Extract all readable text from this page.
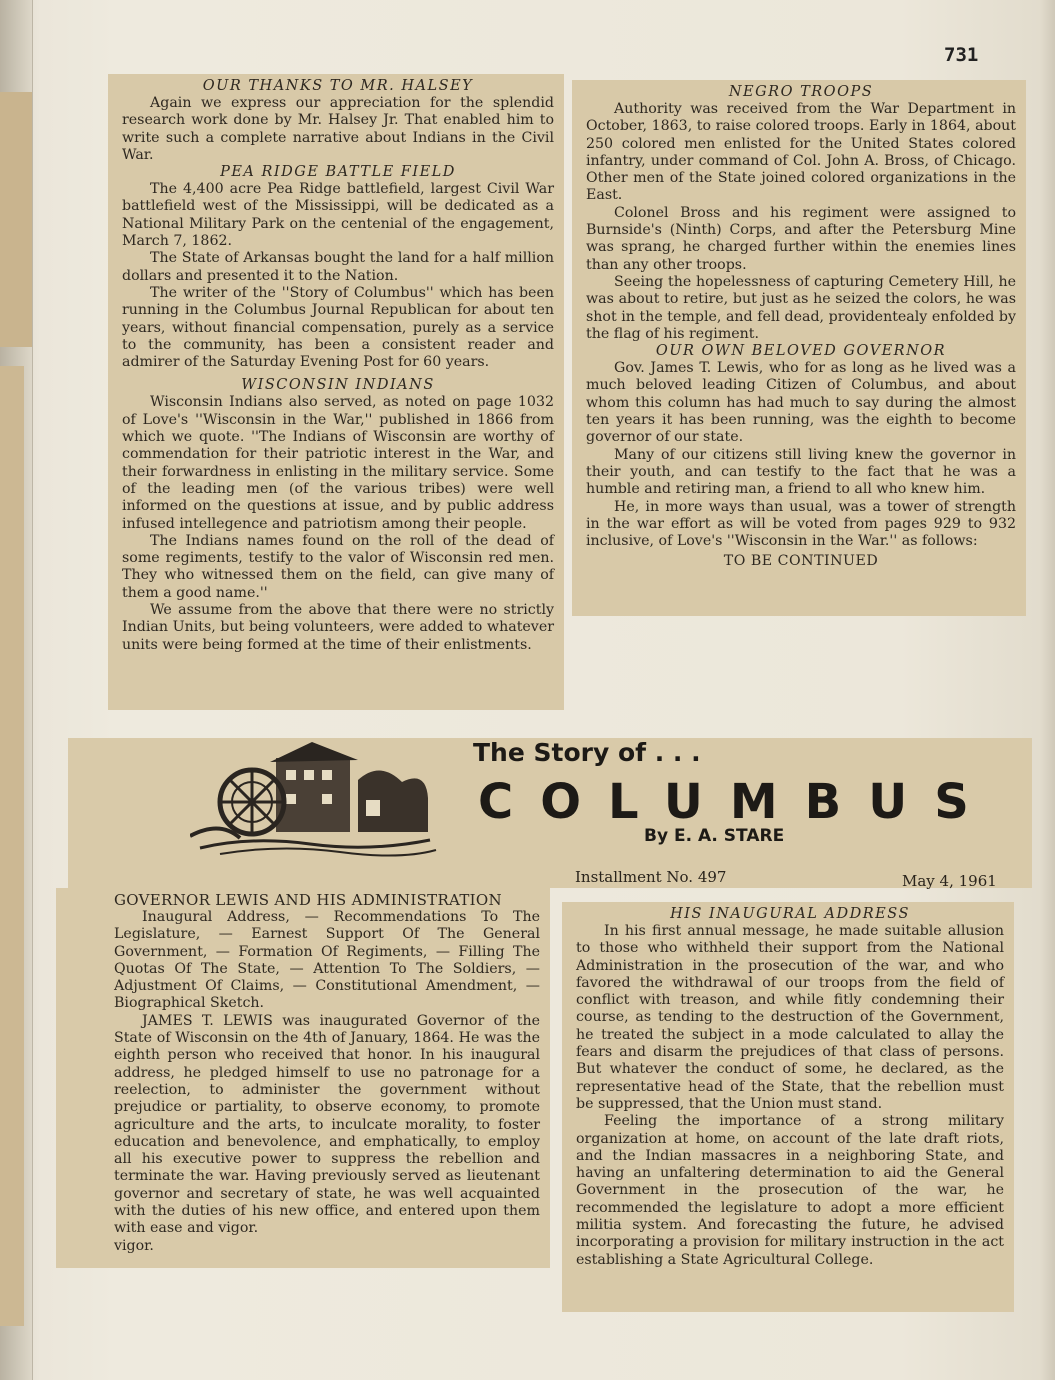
731
OUR THANKS TO MR. HALSEY

Again we express our appreciation for the splendid research work done by Mr. Halsey Jr. That enabled him to write such a complete narrative about Indians in the Civil War.

PEA RIDGE BATTLE FIELD

The 4,400 acre Pea Ridge battlefield, largest Civil War battlefield west of the Mississippi, will be dedicated as a National Military Park on the centenial of the engagement, March 7, 1862.

The State of Arkansas bought the land for a half million dollars and presented it to the Nation.

The writer of the ''Story of Columbus'' which has been running in the Columbus Journal Republican for about ten years, without financial compensation, purely as a service to the community, has been a consistent reader and admirer of the Saturday Evening Post for 60 years.

WISCONSIN INDIANS

Wisconsin Indians also served, as noted on page 1032 of Love's ''Wisconsin in the War,'' published in 1866 from which we quote. ''The Indians of Wisconsin are worthy of commendation for their patriotic interest in the War, and their forwardness in enlisting in the military service. Some of the leading men (of the various tribes) were well informed on the questions at issue, and by public address infused intellegence and patriotism among their people.

The Indians names found on the roll of the dead of some regiments, testify to the valor of Wisconsin red men. They who witnessed them on the field, can give many of them a good name.''

We assume from the above that there were no strictly Indian Units, but being volunteers, were added to whatever units were being formed at the time of their enlistments.

NEGRO TROOPS

Authority was received from the War Department in October, 1863, to raise colored troops. Early in 1864, about 250 colored men enlisted for the United States colored infantry, under command of Col. John A. Bross, of Chicago. Other men of the State joined colored organizations in the East.

Colonel Bross and his regiment were assigned to Burnside's (Ninth) Corps, and after the Petersburg Mine was sprang, he charged further within the enemies lines than any other troops.

Seeing the hopelessness of capturing Cemetery Hill, he was about to retire, but just as he seized the colors, he was shot in the temple, and fell dead, providentealy enfolded by the flag of his regiment.

OUR OWN BELOVED GOVERNOR

Gov. James T. Lewis, who for as long as he lived was a much beloved leading Citizen of Columbus, and about whom this column has had much to say during the almost ten years it has been running, was the eighth to become governor of our state.

Many of our citizens still living knew the governor in their youth, and can testify to the fact that he was a humble and retiring man, a friend to all who knew him.

He, in more ways than usual, was a tower of strength in the war effort as will be voted from pages 929 to 932 inclusive, of Love's ''Wisconsin in the War.'' as follows:

TO BE CONTINUED
The Story of . . .
COLUMBUS
By E. A. STARE
Installment No. 497	May 4, 1961
GOVERNOR LEWIS AND HIS ADMINISTRATION

Inaugural Address, — Recommendations To The Legislature, — Earnest Support Of The General Government, — Formation Of Regiments, — Filling The Quotas Of The State, — Attention To The Soldiers, — Adjustment Of Claims, — Constitutional Amendment, — Biographical Sketch.

JAMES T. LEWIS was inaugurated Governor of the State of Wisconsin on the 4th of January, 1864. He was the eighth person who received that honor. In his inaugural address, he pledged himself to use no patronage for a reelection, to administer the government without prejudice or partiality, to observe economy, to promote agriculture and the arts, to inculcate morality, to foster education and benevolence, and emphatically, to employ all his executive power to suppress the rebellion and terminate the war. Having previously served as lieutenant governor and secretary of state, he was well acquainted with the duties of his new office, and entered upon them with ease and vigor.

vigor.
HIS INAUGURAL ADDRESS

In his first annual message, he made suitable allusion to those who withheld their support from the National Administration in the prosecution of the war, and who favored the withdrawal of our troops from the field of conflict with treason, and while fitly condemning their course, as tending to the destruction of the Government, he treated the subject in a mode calculated to allay the fears and disarm the prejudices of that class of persons. But whatever the conduct of some, he declared, as the representative head of the State, that the rebellion must be suppressed, that the Union must stand.

Feeling the importance of a strong military organization at home, on account of the late draft riots, and the Indian massacres in a neighboring State, and having an unfaltering determination to aid the General Government in the prosecution of the war, he recommended the legislature to adopt a more efficient militia system. And forecasting the future, he advised incorporating a provision for military instruction in the act establishing a State Agricultural College.
